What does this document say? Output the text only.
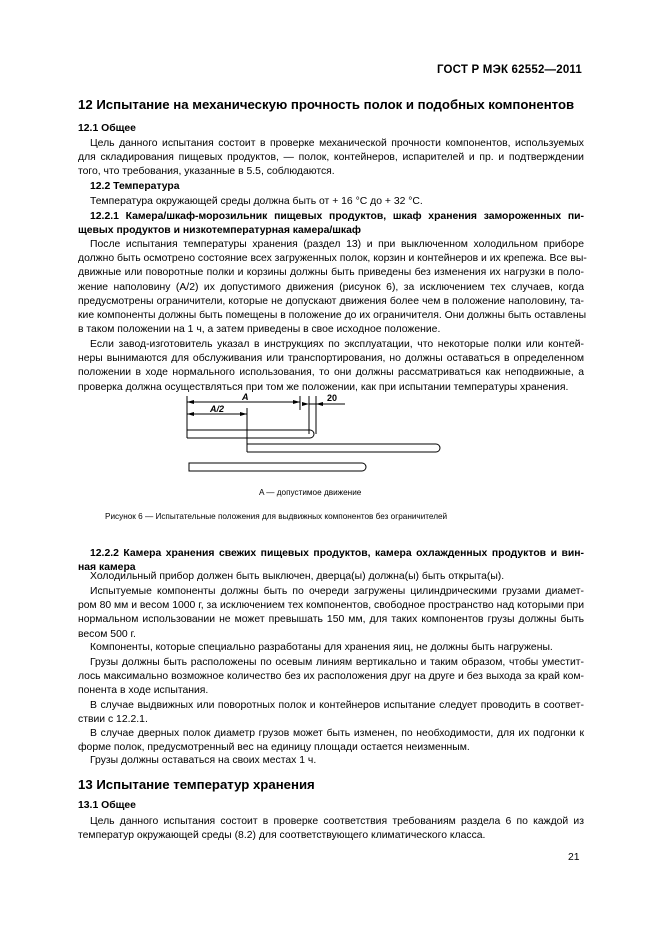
ГОСТ Р МЭК 62552—2011
12 Испытание на механическую прочность полок и подобных компонентов
12.1 Общее
Цель данного испытания состоит в проверке механической прочности компонентов, используемых
для складирования пищевых продуктов, — полок, контейнеров, испарителей и пр. и подтверждении
того, что требования, указанные в 5.5, соблюдаются.
12.2 Температура
Температура окружающей среды должна быть от + 16 °С до + 32 °С.
12.2.1 Камера/шкаф-морозильник пищевых продуктов, шкаф хранения замороженных пи-
щевых продуктов и низкотемпературная камера/шкаф
После испытания температуры хранения (раздел 13) и при выключенном холодильном приборе
должно быть осмотрено состояние всех загруженных полок, корзин и контейнеров и их крепежа. Все вы-
движные или поворотные полки и корзины должны быть приведены без изменения их нагрузки в поло-
жение наполовину (A/2) их допустимого движения (рисунок 6), за исключением тех случаев, когда
предусмотрены ограничители, которые не допускают движения более чем в положение наполовину, та-
кие компоненты должны быть помещены в положение до их ограничителя. Они должны быть оставлены
в таком положении на 1 ч, а затем приведены в свое исходное положение.
Если завод-изготовитель указал в инструкциях по эксплуатации, что некоторые полки или контей-
неры вынимаются для обслуживания или транспортирования, но должны оставаться в определенном
положении в ходе нормального использования, то они должны рассматриваться как неподвижные, а
проверка должна осуществляться при том же положении, как при испытании температуры хранения.
A
A/2
20
A — допустимое движение
Рисунок 6 — Испытательные положения для выдвижных компонентов без ограничителей
12.2.2 Камера хранения свежих пищевых продуктов, камера охлажденных продуктов и вин-
ная камера
Холодильный прибор должен быть выключен, дверца(ы) должна(ы) быть открыта(ы).
Испытуемые компоненты должны быть по очереди загружены цилиндрическими грузами диамет-
ром 80 мм и весом 1000 г, за исключением тех компонентов, свободное пространство над которыми при
нормальном использовании не может превышать 150 мм, для таких компонентов грузы должны быть
весом 500 г.
Компоненты, которые специально разработаны для хранения яиц, не должны быть нагружены.
Грузы должны быть расположены по осевым линиям вертикально и таким образом, чтобы уместит-
лось максимально возможное количество без их расположения друг на друге и без выхода за край ком-
понента в ходе испытания.
В случае выдвижных или поворотных полок и контейнеров испытание следует проводить в соответ-
ствии с 12.2.1.
В случае дверных полок диаметр грузов может быть изменен, по необходимости, для их подгонки к
форме полок, предусмотренный вес на единицу площади остается неизменным.
Грузы должны оставаться на своих местах 1 ч.
13 Испытание температур хранения
13.1 Общее
Цель данного испытания состоит в проверке соответствия требованиям раздела 6 по каждой из
температур окружающей среды (8.2) для соответствующего климатического класса.
21
